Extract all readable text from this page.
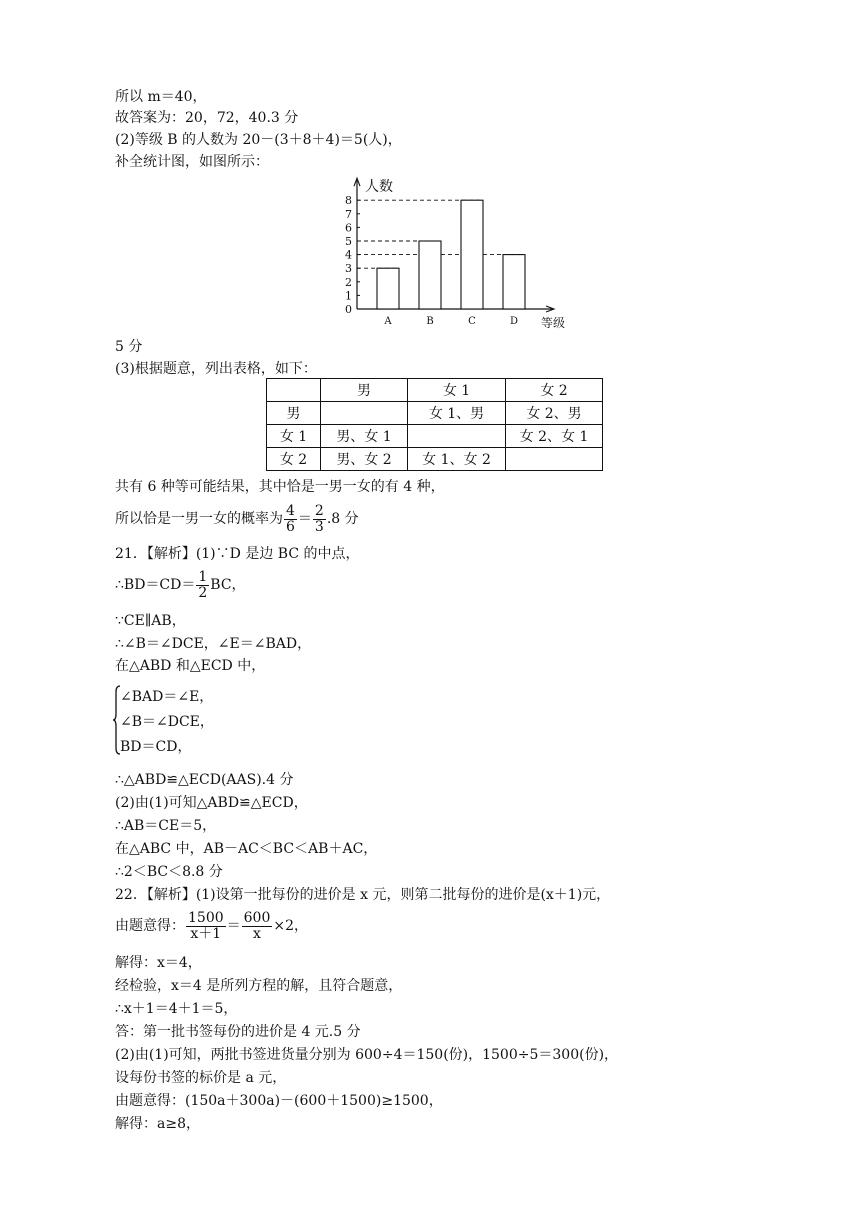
所以 m＝40，
故答案为：20，72，40.3 分
(2)等级 B 的人数为 20－(3＋8＋4)＝5(人)，
补全统计图，如图所示：
0
1
2
3
4
5
6
7
8
A	B	C	D
人数
等级
5 分
(3)根据题意，列出表格，如下：
	男	女 1	女 2
男		女 1、男	女 2、男
女 1	男、女 1		女 2、女 1
女 2	男、女 2	女 1、女 2	
共有 6 种等可能结果，其中恰是一男一女的有 4 种，
所以恰是一男一女的概率为 $\frac{4}{6} = \frac{2}{3} .8$ 分
21．【解析】(1)∵D 是边 BC 的中点，
∴BD＝CD＝ $\frac{1}{2}$ BC，
∵CE∥AB，
∴∠B＝∠DCE，∠E＝∠BAD，
在△ABD 和△ECD 中，
∠BAD＝∠E，
∠B＝∠DCE，
BD＝CD，
∴△ABD≌△ECD(AAS).4 分
(2)由(1)可知△ABD≌△ECD，
∴AB＝CE＝5，
在△ABC 中，AB－AC＜BC＜AB＋AC，
∴2＜BC＜8.8 分
22．【解析】(1)设第一批每份的进价是 x 元，则第二批每份的进价是(x＋1)元，
由题意得： $\frac{1500}{x+1} = \frac{600}{x} \times 2$，
解得：x＝4，
经检验，x＝4 是所列方程的解，且符合题意，
∴x＋1＝4＋1＝5，
答：第一批书签每份的进价是 4 元.5 分
(2)由(1)可知，两批书签进货量分别为 600÷4＝150(份)，1500÷5＝300(份)，
设每份书签的标价是 a 元，
由题意得：(150a＋300a)－(600＋1500)≥1500，
解得：a≥8，
